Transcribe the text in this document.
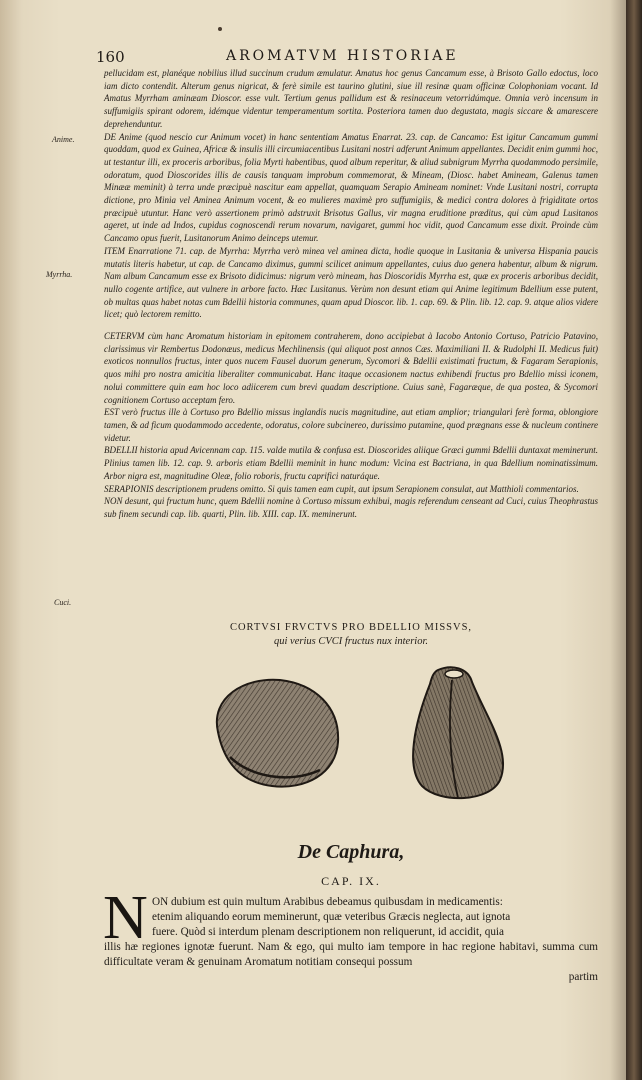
160	AROMATVM HISTORIAE
Anime.
Myrrha.
Cuci.

pellucidam est, planéque nobilius illud succinum crudum æmulatur. Amatus hoc genus Cancamum esse, à Brisoto Gallo edoctus, loco iam dicto contendit. Alterum genus nigricat, & ferè simile est taurino glutini, siue ill resinæ quam officinæ Colophoniam vocant. Id Amatus Myrrham aminæam Dioscor. esse vult. Tertium genus pallidum est & resinaceum vetorridúmque. Omnia verò incensum in suffumigiis spirant odorem, idémque videntur temperamentum sortita. Posteriora tamen duo degustata, magis siccare & amarescere deprehenduntur.

DE Anime (quod nescio cur Animum vocet) in hanc sententiam Amatus Enarrat. 23. cap. de Cancamo: Est igitur Cancamum gummi quoddam, quod ex Guinea, Africæ & insulis illi circumiacentibus Lusitani nostri adferunt Animum appellantes. Decidit enim gummi hoc, ut testantur illi, ex proceris arboribus, folia Myrti habentibus, quod album reperitur, & aliud subnigrum Myrrha quodammodo persimile, odoratum, quod Dioscorides illis de causis tanquam improbum commemorat, & Mineam, (Diosc. habet Amineam, Galenus tamen Minææ meminit) à terra unde præcipuè nascitur eam appellat, quamquam Serapio Amineam nominet: Vnde Lusitani nostri, corrupta dictione, pro Minia vel Aminea Animum vocent, & eo mulieres maximè pro suffumigiis, & medici contra dolores à frigiditate ortos præcipuè utuntur. Hanc verò assertionem primò adstruxit Brisotus Gallus, vir magna eruditione præditus, qui cùm apud Lusitanos ageret, ut inde ad Indos, cupidus cognoscendi rerum novarum, navigaret, gummi hoc vidit, quod Cancamum esse dixit. Proinde cùm Cancamo opus fuerit, Lusitanorum Animo deinceps utemur.

ITEM Enarratione 71. cap. de Myrrha: Myrrha verò minea vel aminea dicta, hodie quoque in Lusitania & universa Hispania paucis mutatis literis habetur, ut cap. de Cancamo diximus, gummi scilicet animum appellantes, cuius duo genera habentur, album & nigrum. Nam album Cancamum esse ex Brisoto didicimus: nigrum verò mineam, has Dioscoridis Myrrha est, quæ ex proceris arboribus decidit, nullo cogente artifice, aut vulnere in arbore facto. Hæc Lusitanus. Verùm non desunt etiam qui Anime legitimum Bdellium esse putent, ob multas quas habet notas cum Bdellii historia communes, quam apud Dioscor. lib. 1. cap. 69. & Plin. lib. 12. cap. 9. atque alios videre licet; quò lectorem remitto.

CETERVM cùm hanc Aromatum historiam in epitomem contraherem, dono accipiebat à Iacobo Antonio Cortuso, Patricio Patavino, clarissimus vir Rembertus Dodonæus, medicus Mechlinensis (qui aliquot post annos Cæs. Maximiliani II. & Rudolphi II. Medicus fuit) exoticos nonnullos fructus, inter quos nucem Fausel duorum generum, Sycomori & Bdellii existimati fructum, & Fagaram Serapionis, quos mihi pro nostra amicitia liberaliter communicabat. Hanc itaque occasionem nactus exhibendi fructus pro Bdellio missi iconem, nolui committere quin eam hoc loco adiicerem cum brevi quadam descriptione. Cuius sanè, Fagaræque, de qua postea, & Sycomori cognitionem Cortuso acceptam fero.

EST verò fructus ille à Cortuso pro Bdellio missus inglandis nucis magnitudine, aut etiam amplior; triangulari ferè forma, oblongiore tamen, & ad ficum quodammodo accedente, odoratus, colore subcinereo, durissimo putamine, quod prægnans esse & nucleum continere videtur.

BDELLII historia apud Avicennam cap. 115. valde mutila & confusa est. Dioscorides aliique Græci gummi Bdellii duntaxat meminerunt. Plinius tamen lib. 12. cap. 9. arboris etiam Bdellii meminit in hunc modum: Vicina est Bactriana, in qua Bdellium nominatissimum. Arbor nigra est, magnitudine Oleæ, folio roboris, fructu caprifici naturáque.

SERAPIONIS descriptionem prudens omitto. Si quis tamen eam cupit, aut ipsum Serapionem consulat, aut Matthioli commentarios.

NON desunt, qui fructum hunc, quem Bdellii nomine à Cortuso missum exhibui, magis referendum censeant ad Cuci, cuius Theophrastus sub finem secundi cap. lib. quarti, Plin. lib. XIII. cap. IX. meminerunt.

CORTVSI FRVCTVS PRO BDELLIO MISSVS,
qui verius CVCI fructus nux interior.
De Caphura,
CAP. IX.
N ON dubium est quin multum Arabibus debeamus quibusdam in medicamentis:
etenim aliquando eorum meminerunt, quæ veteribus Græcis neglecta, aut ignota
fuere. Quòd si interdum plenam descriptionem non reliquerunt, id accidit, quia
illis hæ regiones ignotæ fuerunt. Nam & ego, qui multo iam tempore in hac regione habitavi, summa cum difficultate veram & genuinam Aromatum notitiam consequi possum
partim
